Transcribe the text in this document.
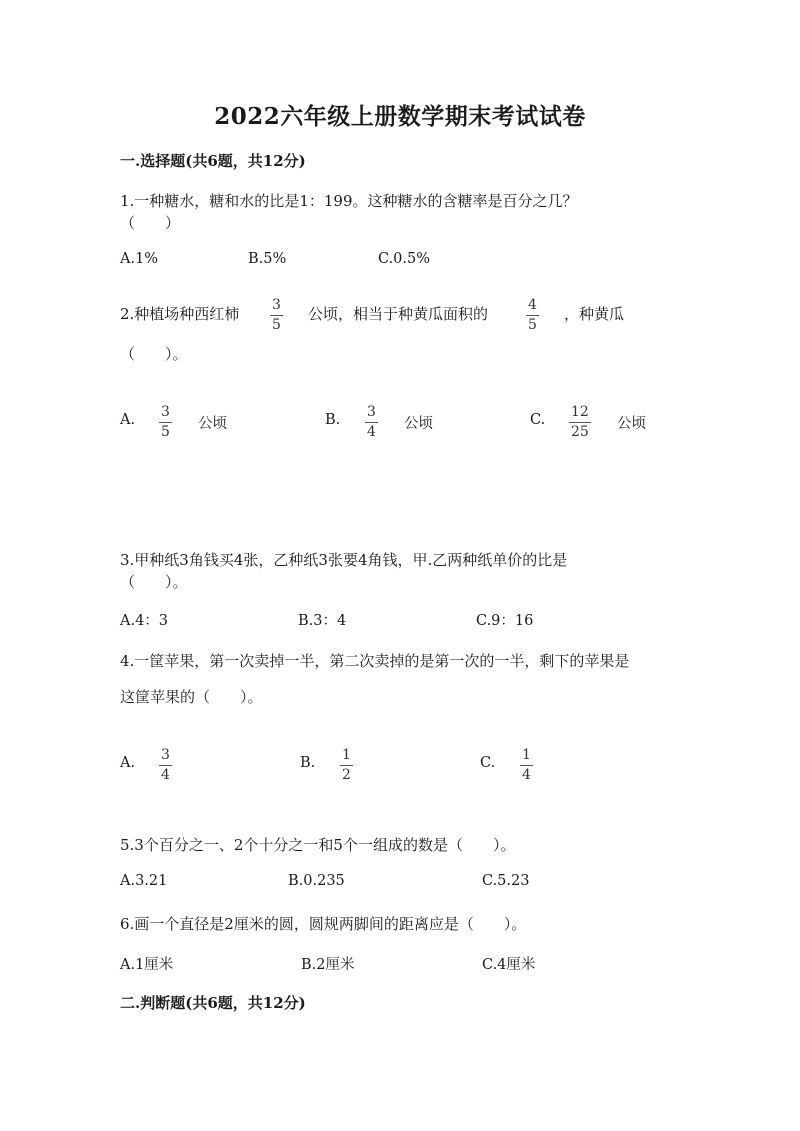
2022六年级上册数学期末考试试卷
一.选择题(共6题，共12分)
1.一种糖水，糖和水的比是1：199。这种糖水的含糖率是百分之几？
（　　）
A.1%	B.5%	C.0.5%
2.种植场种西红柿 3
5
公顷，相当于种黄瓜面积的	4
5
，种黄瓜
（　　）。
A. 3
5 公顷	B. 3
4 公顷	C. 12
25 公顷
3.甲种纸3角钱买4张，乙种纸3张要4角钱，甲.乙两种纸单价的比是
（　　）。
A.4：3	B.3：4	C.9：16
4.一筐苹果，第一次卖掉一半，第二次卖掉的是第一次的一半，剩下的苹果是
这筐苹果的（　　）。
A. 3
4
B. 1
2
C. 1
4
5.3个百分之一、2个十分之一和5个一组成的数是（　　）。
A.3.21	B.0.235	C.5.23
6.画一个直径是2厘米的圆，圆规两脚间的距离应是（　　）。
A.1厘米	B.2厘米	C.4厘米
二.判断题(共6题，共12分)
